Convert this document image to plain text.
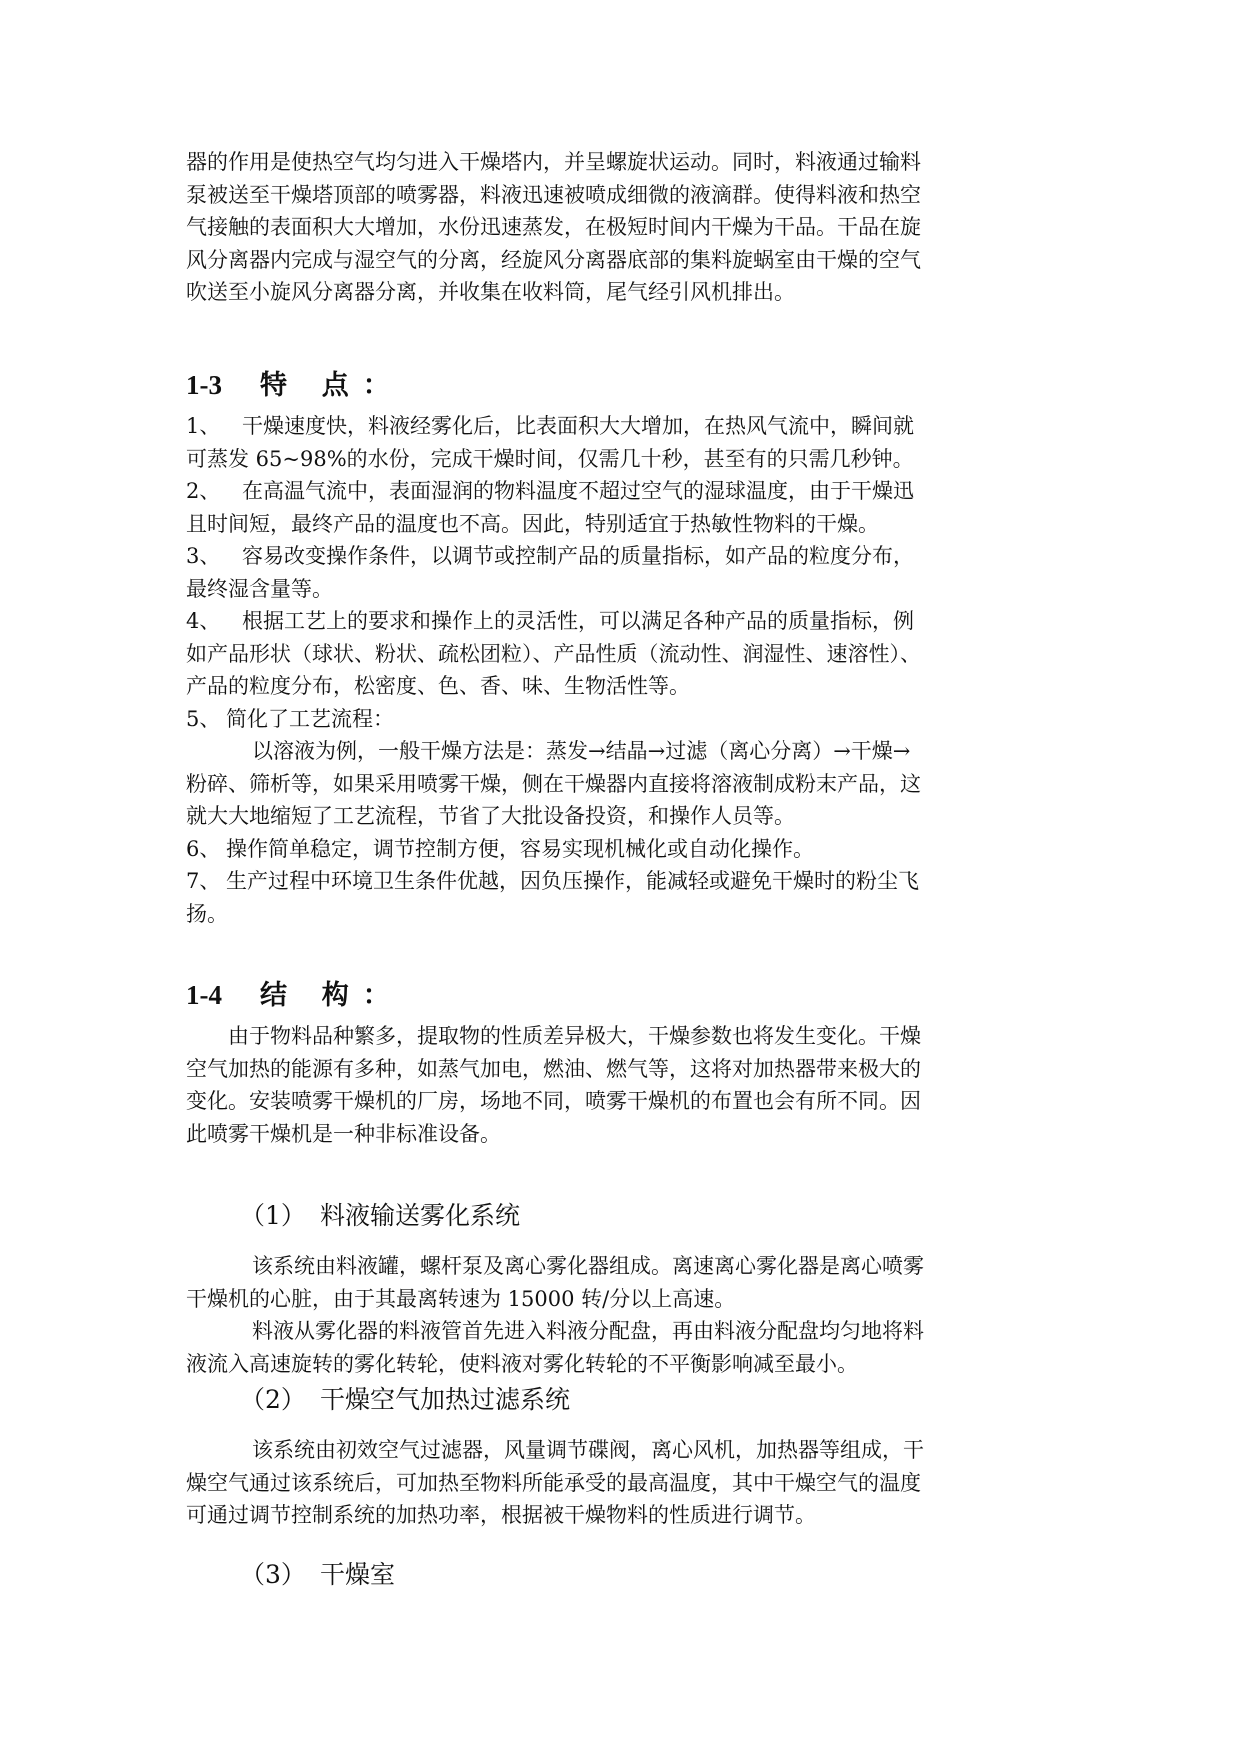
器的作用是使热空气均匀进入干燥塔内，并呈螺旋状运动。同时，料液通过输料

泵被送至干燥塔顶部的喷雾器，料液迅速被喷成细微的液滴群。使得料液和热空

气接触的表面积大大增加，水份迅速蒸发，在极短时间内干燥为干品。干品在旋

风分离器内完成与湿空气的分离，经旋风分离器底部的集料旋蜗室由干燥的空气

吹送至小旋风分离器分离，并收集在收料筒，尾气经引风机排出。

1-3 特 点：

1、 干燥速度快，料液经雾化后，比表面积大大增加，在热风气流中，瞬间就

可蒸发 65~98%的水份，完成干燥时间，仅需几十秒，甚至有的只需几秒钟。

2、 在高温气流中，表面湿润的物料温度不超过空气的湿球温度，由于干燥迅

且时间短，最终产品的温度也不高。因此，特别适宜于热敏性物料的干燥。

3、 容易改变操作条件，以调节或控制产品的质量指标，如产品的粒度分布，

最终湿含量等。

4、 根据工艺上的要求和操作上的灵活性，可以满足各种产品的质量指标，例

如产品形状（球状、粉状、疏松团粒）、产品性质（流动性、润湿性、速溶性）、

产品的粒度分布，松密度、色、香、味、生物活性等。

5、 简化了工艺流程：

以溶液为例，一般干燥方法是：蒸发→结晶→过滤（离心分离）→干燥→

粉碎、筛析等，如果采用喷雾干燥，侧在干燥器内直接将溶液制成粉末产品，这

就大大地缩短了工艺流程，节省了大批设备投资，和操作人员等。

6、 操作简单稳定，调节控制方便，容易实现机械化或自动化操作。

7、 生产过程中环境卫生条件优越，因负压操作，能减轻或避免干燥时的粉尘飞

扬。

1-4 结 构：

由于物料品种繁多，提取物的性质差异极大，干燥参数也将发生变化。干燥

空气加热的能源有多种，如蒸气加电，燃油、燃气等，这将对加热器带来极大的

变化。安装喷雾干燥机的厂房，场地不同，喷雾干燥机的布置也会有所不同。因

此喷雾干燥机是一种非标准设备。

（1） 料液输送雾化系统

该系统由料液罐，螺杆泵及离心雾化器组成。离速离心雾化器是离心喷雾

干燥机的心脏，由于其最离转速为 15000 转/分以上高速。

料液从雾化器的料液管首先进入料液分配盘，再由料液分配盘均匀地将料

液流入高速旋转的雾化转轮，使料液对雾化转轮的不平衡影响减至最小。

（2） 干燥空气加热过滤系统

该系统由初效空气过滤器，风量调节碟阀，离心风机，加热器等组成，干

燥空气通过该系统后，可加热至物料所能承受的最高温度，其中干燥空气的温度

可通过调节控制系统的加热功率，根据被干燥物料的性质进行调节。

（3） 干燥室
